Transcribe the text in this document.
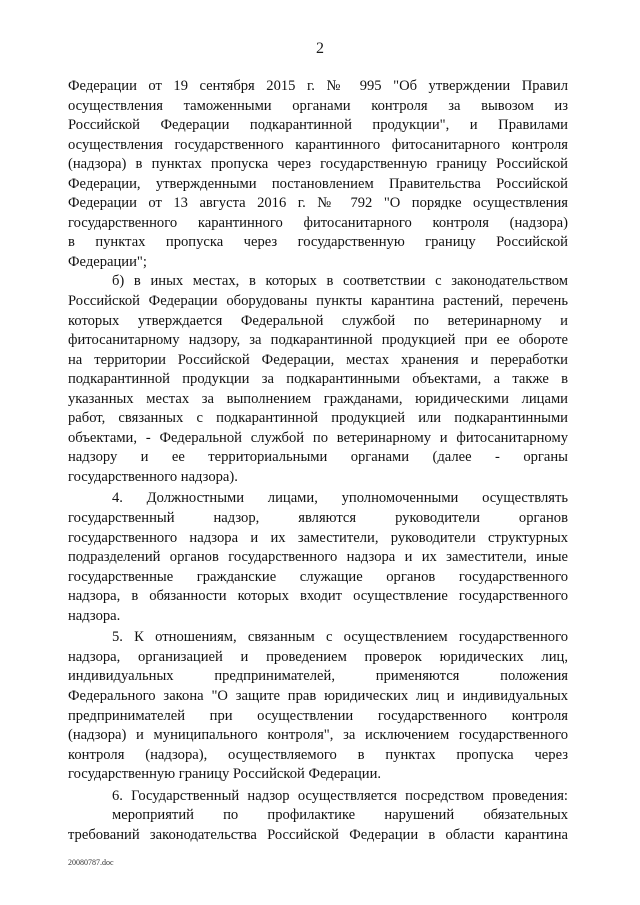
2
Федерации от 19 сентября 2015 г. № 995 "Об утверждении Правил
осуществления таможенными органами контроля за вывозом из
Российской Федерации подкарантинной продукции", и Правилами
осуществления государственного карантинного фитосанитарного контроля
(надзора) в пунктах пропуска через государственную границу Российской
Федерации, утвержденными постановлением Правительства Российской
Федерации от 13 августа 2016 г. № 792 "О порядке осуществления
государственного карантинного фитосанитарного контроля (надзора)
в пунктах пропуска через государственную границу Российской
Федерации";
б) в иных местах, в которых в соответствии с законодательством
Российской Федерации оборудованы пункты карантина растений, перечень
которых утверждается Федеральной службой по ветеринарному и
фитосанитарному надзору, за подкарантинной продукцией при ее обороте
на территории Российской Федерации, местах хранения и переработки
подкарантинной продукции за подкарантинными объектами, а также в
указанных местах за выполнением гражданами, юридическими лицами
работ, связанных с подкарантинной продукцией или подкарантинными
объектами, - Федеральной службой по ветеринарному и фитосанитарному
надзору и ее территориальными органами (далее - органы
государственного надзора).
4. Должностными лицами, уполномоченными осуществлять
государственный надзор, являются руководители органов
государственного надзора и их заместители, руководители структурных
подразделений органов государственного надзора и их заместители, иные
государственные гражданские служащие органов государственного
надзора, в обязанности которых входит осуществление государственного
надзора.
5. К отношениям, связанным с осуществлением государственного
надзора, организацией и проведением проверок юридических лиц,
индивидуальных предпринимателей, применяются положения
Федерального закона "О защите прав юридических лиц и индивидуальных
предпринимателей при осуществлении государственного контроля
(надзора) и муниципального контроля", за исключением государственного
контроля (надзора), осуществляемого в пунктах пропуска через
государственную границу Российской Федерации.
6. Государственный надзор осуществляется посредством проведения:
мероприятий по профилактике нарушений обязательных
требований законодательства Российской Федерации в области карантина
20080787.doc
